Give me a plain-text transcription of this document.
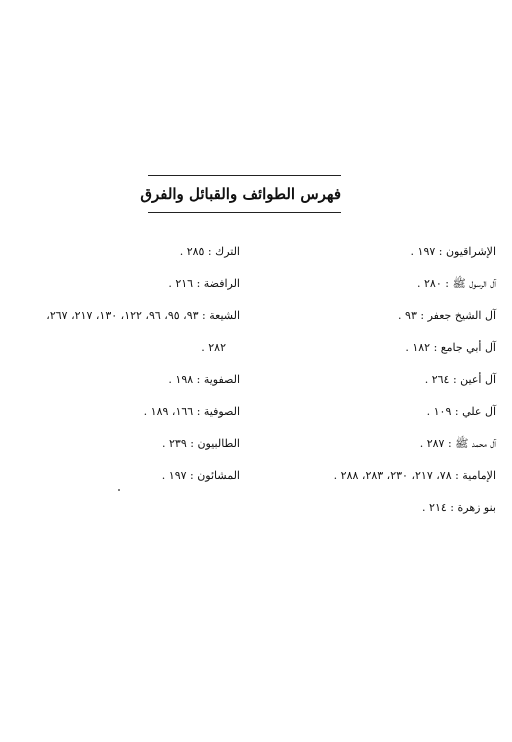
فهرس الطوائف والقبائل والفرق
الإشراقيون : ١٩٧ .
آل الرسول ﷺ : ٢٨٠ .
آل الشيخ جعفر : ٩٣ .
آل أبي جامع : ١٨٢ .
آل أعين : ٢٦٤ .
آل علي : ١٠٩ .
آل محمد ﷺ : ٢٨٧ .
الإمامية : ٧٨، ٢١٧، ٢٣٠، ٢٨٣، ٢٨٨ .
بنو زهرة : ٢١٤ .
الترك : ٢٨٥ .
الرافضة : ٢١٦ .
الشيعة : ٩٣، ٩٥، ٩٦، ١٢٢، ١٣٠، ٢١٧، ٢٦٧،
٢٨٢ .
الصفوية : ١٩٨ .
الصوفية : ١٦٦، ١٨٩ .
الطالبيون : ٢٣٩ .
المشائون : ١٩٧ .
